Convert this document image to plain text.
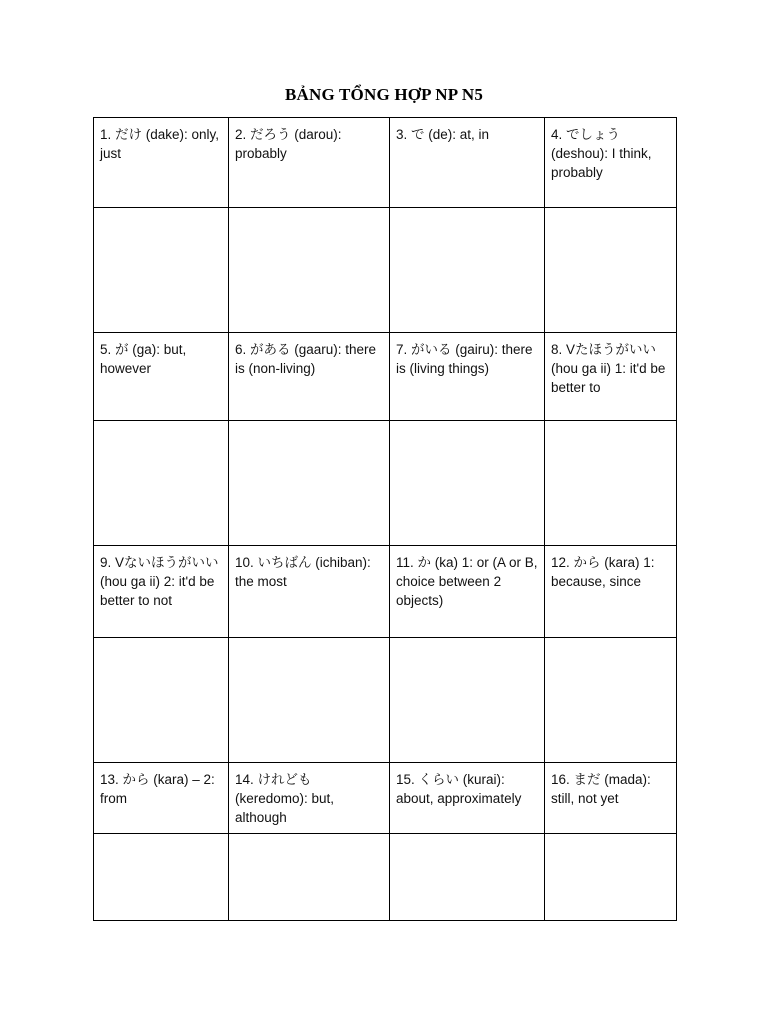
BẢNG TỔNG HỢP NP N5
1. だけ (dake): only, just	2. だろう (darou): probably	3. で (de): at, in	4. でしょう (deshou): I think, probably

5. が (ga): but, however	6. がある (gaaru): there is (non-living)	7. がいる (gairu): there is (living things)	8. Vたほうがいい (hou ga ii) 1: it'd be better to

9. Vないほうがいい (hou ga ii) 2: it'd be better to not	10. いちばん (ichiban): the most	11. か (ka) 1: or (A or B, choice between 2 objects)	12. から (kara) 1: because, since

13. から (kara) – 2: from	14. けれども (keredomo): but, although	15. くらい (kurai): about, approximately	16. まだ (mada): still, not yet
